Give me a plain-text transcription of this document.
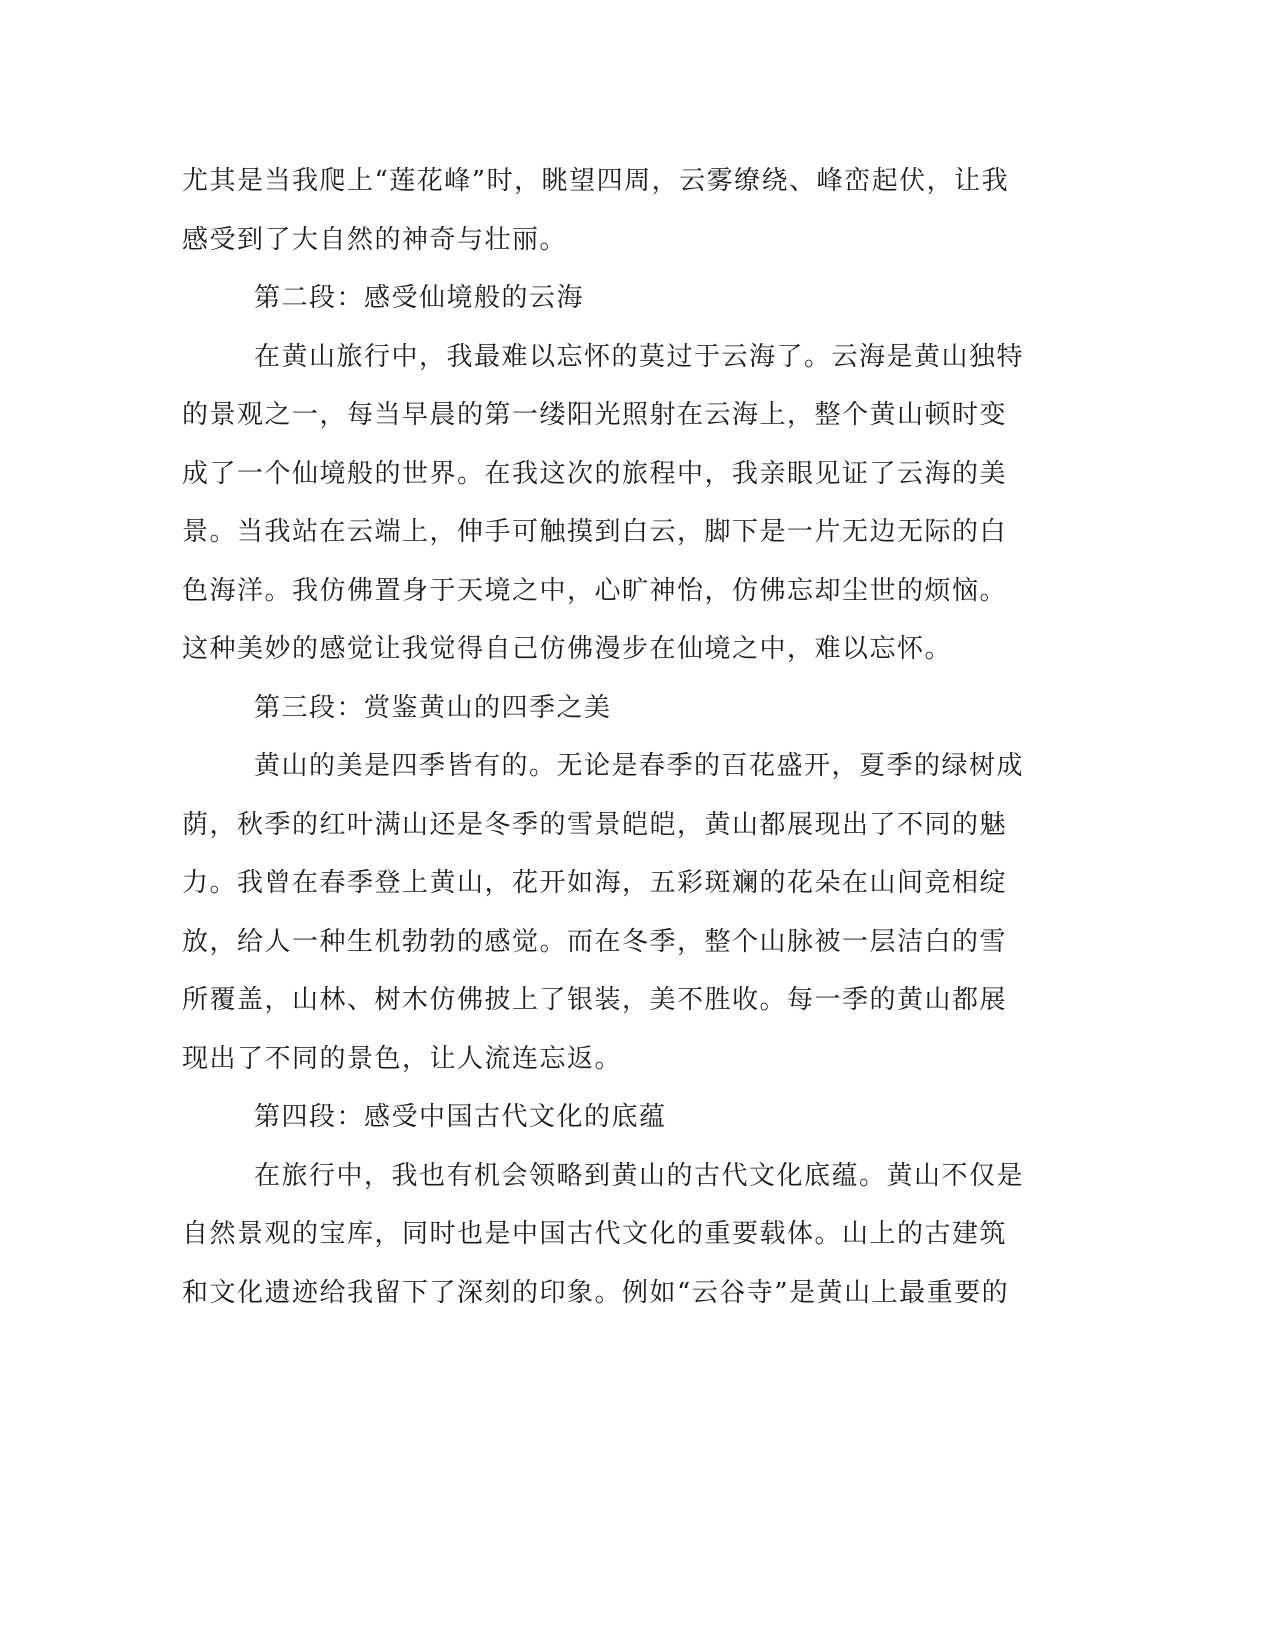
尤其是当我爬上“莲花峰”时，眺望四周，云雾缭绕、峰峦起伏，让我
感受到了大自然的神奇与壮丽。
第二段：感受仙境般的云海
在黄山旅行中，我最难以忘怀的莫过于云海了。云海是黄山独特
的景观之一，每当早晨的第一缕阳光照射在云海上，整个黄山顿时变
成了一个仙境般的世界。在我这次的旅程中，我亲眼见证了云海的美
景。当我站在云端上，伸手可触摸到白云，脚下是一片无边无际的白
色海洋。我仿佛置身于天境之中，心旷神怡，仿佛忘却尘世的烦恼。
这种美妙的感觉让我觉得自己仿佛漫步在仙境之中，难以忘怀。
第三段：赏鉴黄山的四季之美
黄山的美是四季皆有的。无论是春季的百花盛开，夏季的绿树成
荫，秋季的红叶满山还是冬季的雪景皑皑，黄山都展现出了不同的魅
力。我曾在春季登上黄山，花开如海，五彩斑斓的花朵在山间竞相绽
放，给人一种生机勃勃的感觉。而在冬季，整个山脉被一层洁白的雪
所覆盖，山林、树木仿佛披上了银装，美不胜收。每一季的黄山都展
现出了不同的景色，让人流连忘返。
第四段：感受中国古代文化的底蕴
在旅行中，我也有机会领略到黄山的古代文化底蕴。黄山不仅是
自然景观的宝库，同时也是中国古代文化的重要载体。山上的古建筑
和文化遗迹给我留下了深刻的印象。例如“云谷寺”是黄山上最重要的
